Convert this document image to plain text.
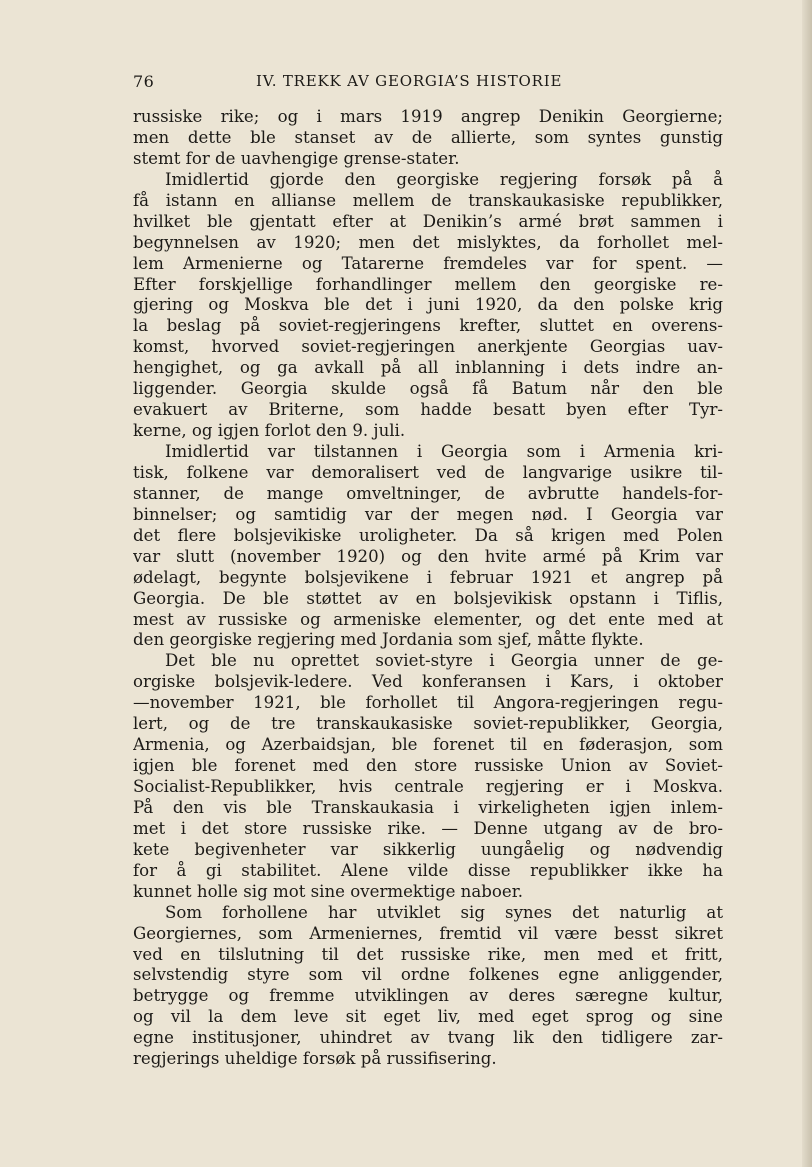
76	IV. TREKK AV GEORGIA’S HISTORIE
russiske rike; og i mars 1919 angrep Denikin Georgierne;
men dette ble stanset av de allierte, som syntes gunstig
stemt for de uavhengige grense-stater.
Imidlertid gjorde den georgiske regjering forsøk på å
få istann en allianse mellem de transkaukasiske republikker,
hvilket ble gjentatt efter at Denikin’s armé brøt sammen i
begynnelsen av 1920; men det mislyktes, da forhollet mel-
lem Armenierne og Tatarerne fremdeles var for spent. —
Efter forskjellige forhandlinger mellem den georgiske re-
gjering og Moskva ble det i juni 1920, da den polske krig
la beslag på soviet-regjeringens krefter, sluttet en overens-
komst, hvorved soviet-regjeringen anerkjente Georgias uav-
hengighet, og ga avkall på all inblanning i dets indre an-
liggender. Georgia skulde også få Batum når den ble
evakuert av Briterne, som hadde besatt byen efter Tyr-
kerne, og igjen forlot den 9. juli.
Imidlertid var tilstannen i Georgia som i Armenia kri-
tisk, folkene var demoralisert ved de langvarige usikre til-
stanner, de mange omveltninger, de avbrutte handels-for-
binnelser; og samtidig var der megen nød. I Georgia var
det flere bolsjevikiske uroligheter. Da så krigen med Polen
var slutt (november 1920) og den hvite armé på Krim var
ødelagt, begynte bolsjevikene i februar 1921 et angrep på
Georgia. De ble støttet av en bolsjevikisk opstann i Tiflis,
mest av russiske og armeniske elementer, og det ente med at
den georgiske regjering med Jordania som sjef, måtte flykte.
Det ble nu oprettet soviet-styre i Georgia unner de ge-
orgiske bolsjevik-ledere. Ved konferansen i Kars, i oktober
—november 1921, ble forhollet til Angora-regjeringen regu-
lert, og de tre transkaukasiske soviet-republikker, Georgia,
Armenia, og Azerbaidsjan, ble forenet til en føderasjon, som
igjen ble forenet med den store russiske Union av Soviet-
Socialist-Republikker, hvis centrale regjering er i Moskva.
På den vis ble Transkaukasia i virkeligheten igjen inlem-
met i det store russiske rike. — Denne utgang av de bro-
kete begivenheter var sikkerlig uungåelig og nødvendig
for å gi stabilitet. Alene vilde disse republikker ikke ha
kunnet holle sig mot sine overmektige naboer.
Som forhollene har utviklet sig synes det naturlig at
Georgiernes, som Armeniernes, fremtid vil være besst sikret
ved en tilslutning til det russiske rike, men med et fritt,
selvstendig styre som vil ordne folkenes egne anliggender,
betrygge og fremme utviklingen av deres særegne kultur,
og vil la dem leve sit eget liv, med eget sprog og sine
egne institusjoner, uhindret av tvang lik den tidligere zar-
regjerings uheldige forsøk på russifisering.
